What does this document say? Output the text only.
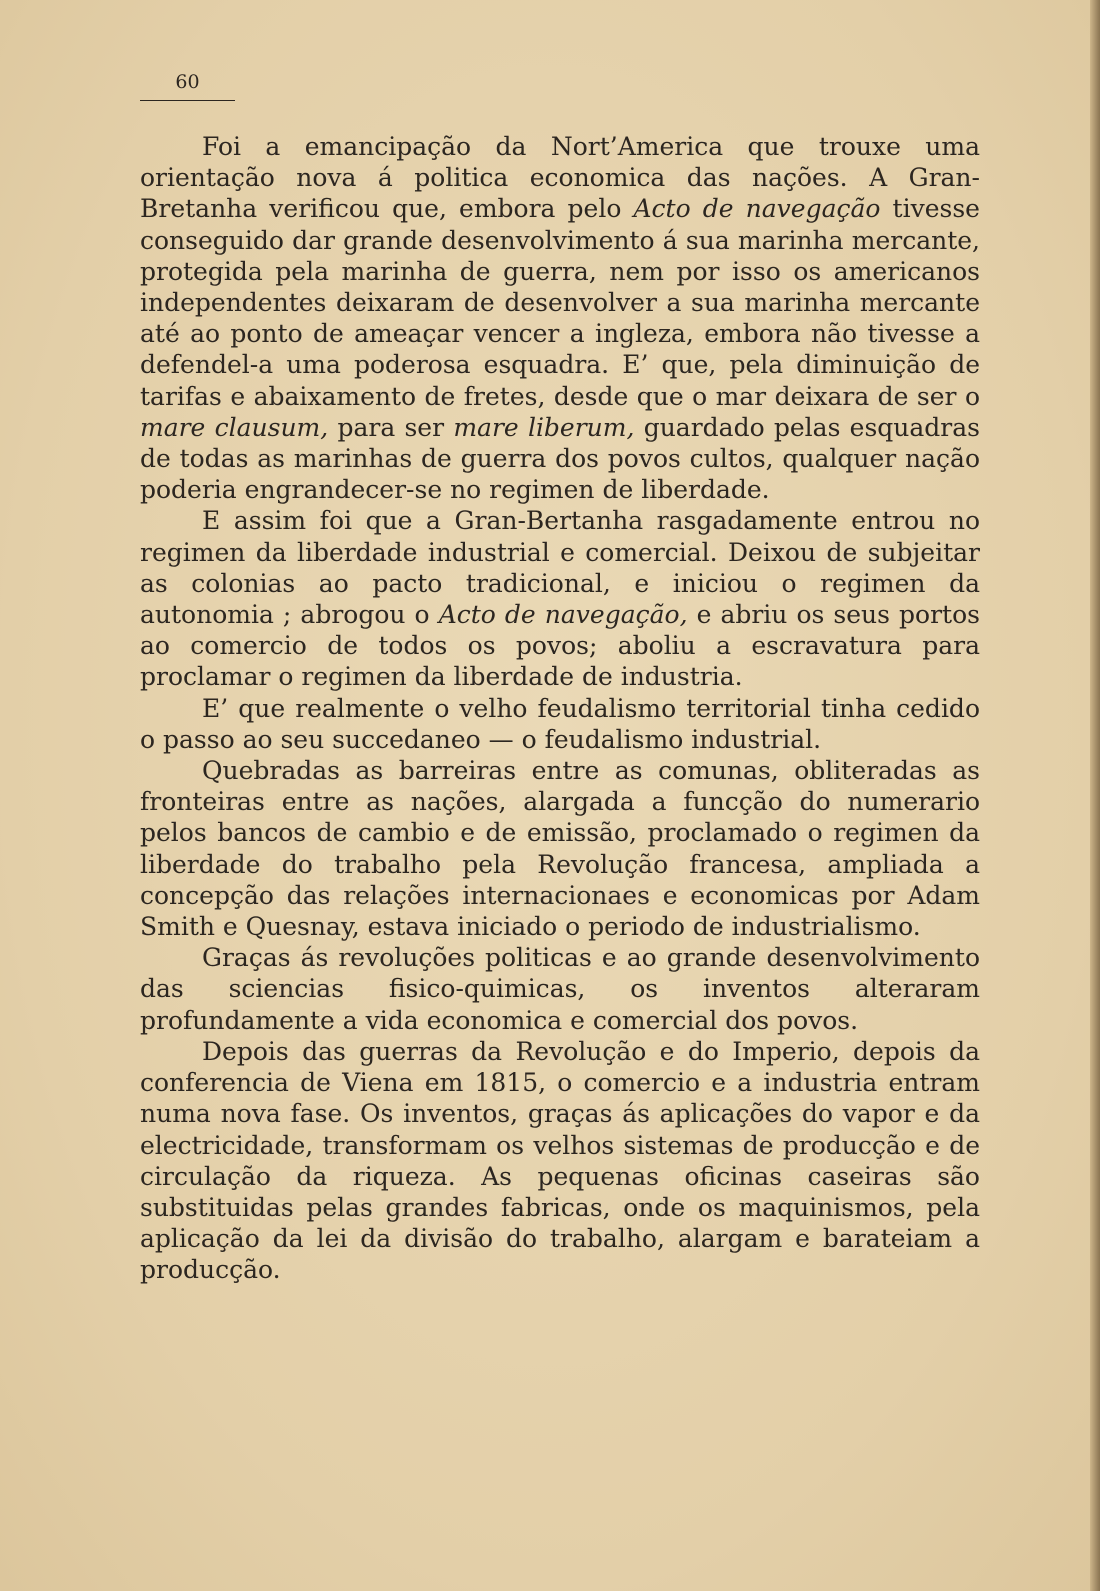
60

Foi a emancipação da Nort’America que trouxe uma orientação nova á politica economica das nações. A Gran-Bretanha verificou que, embora pelo Acto de navegação tivesse conseguido dar grande desenvolvimento á sua marinha mercante, protegida pela marinha de guerra, nem por isso os americanos independentes deixaram de desenvolver a sua marinha mercante até ao ponto de ameaçar vencer a ingleza, embora não tivesse a defendel-a uma poderosa esquadra. E’ que, pela diminuição de tarifas e abaixamento de fretes, desde que o mar deixara de ser o mare clausum, para ser mare liberum, guardado pelas esquadras de todas as marinhas de guerra dos povos cultos, qualquer nação poderia engrandecer-se no regimen de liberdade.

E assim foi que a Gran-Bertanha rasgadamente entrou no regimen da liberdade industrial e comercial. Deixou de subjeitar as colonias ao pacto tradicional, e iniciou o regimen da autonomia ; abrogou o Acto de navegação, e abriu os seus portos ao comercio de todos os povos; aboliu a escravatura para proclamar o regimen da liberdade de industria.

E’ que realmente o velho feudalismo territorial tinha cedido o passo ao seu succedaneo — o feudalismo industrial.

Quebradas as barreiras entre as comunas, obliteradas as fronteiras entre as nações, alargada a funcção do numerario pelos bancos de cambio e de emissão, proclamado o regimen da liberdade do trabalho pela Revolução franсesa, ampliada a concepção das relações internacionaes e economicas por Adam Smith e Quesnay, estava iniciado o periodo de industrialismo.

Graças ás revoluções politicas e ao grande desenvolvimento das sciencias fisico-quimicas, os inventos alteraram profundamente a vida economica e comercial dos povos.

Depois das guerras da Revolução e do Imperio, depois da conferencia de Viena em 1815, o comercio e a industria entram numa nova fase. Os inventos, graças ás aplicações do vapor e da electricidade, transformam os velhos sistemas de producção e de circulação da riqueza. As pequenas oficinas caseiras são substituidas pelas grandes fabricas, onde os maquinismos, pela aplicação da lei da divisão do trabalho, alargam e barateiam a producção.
